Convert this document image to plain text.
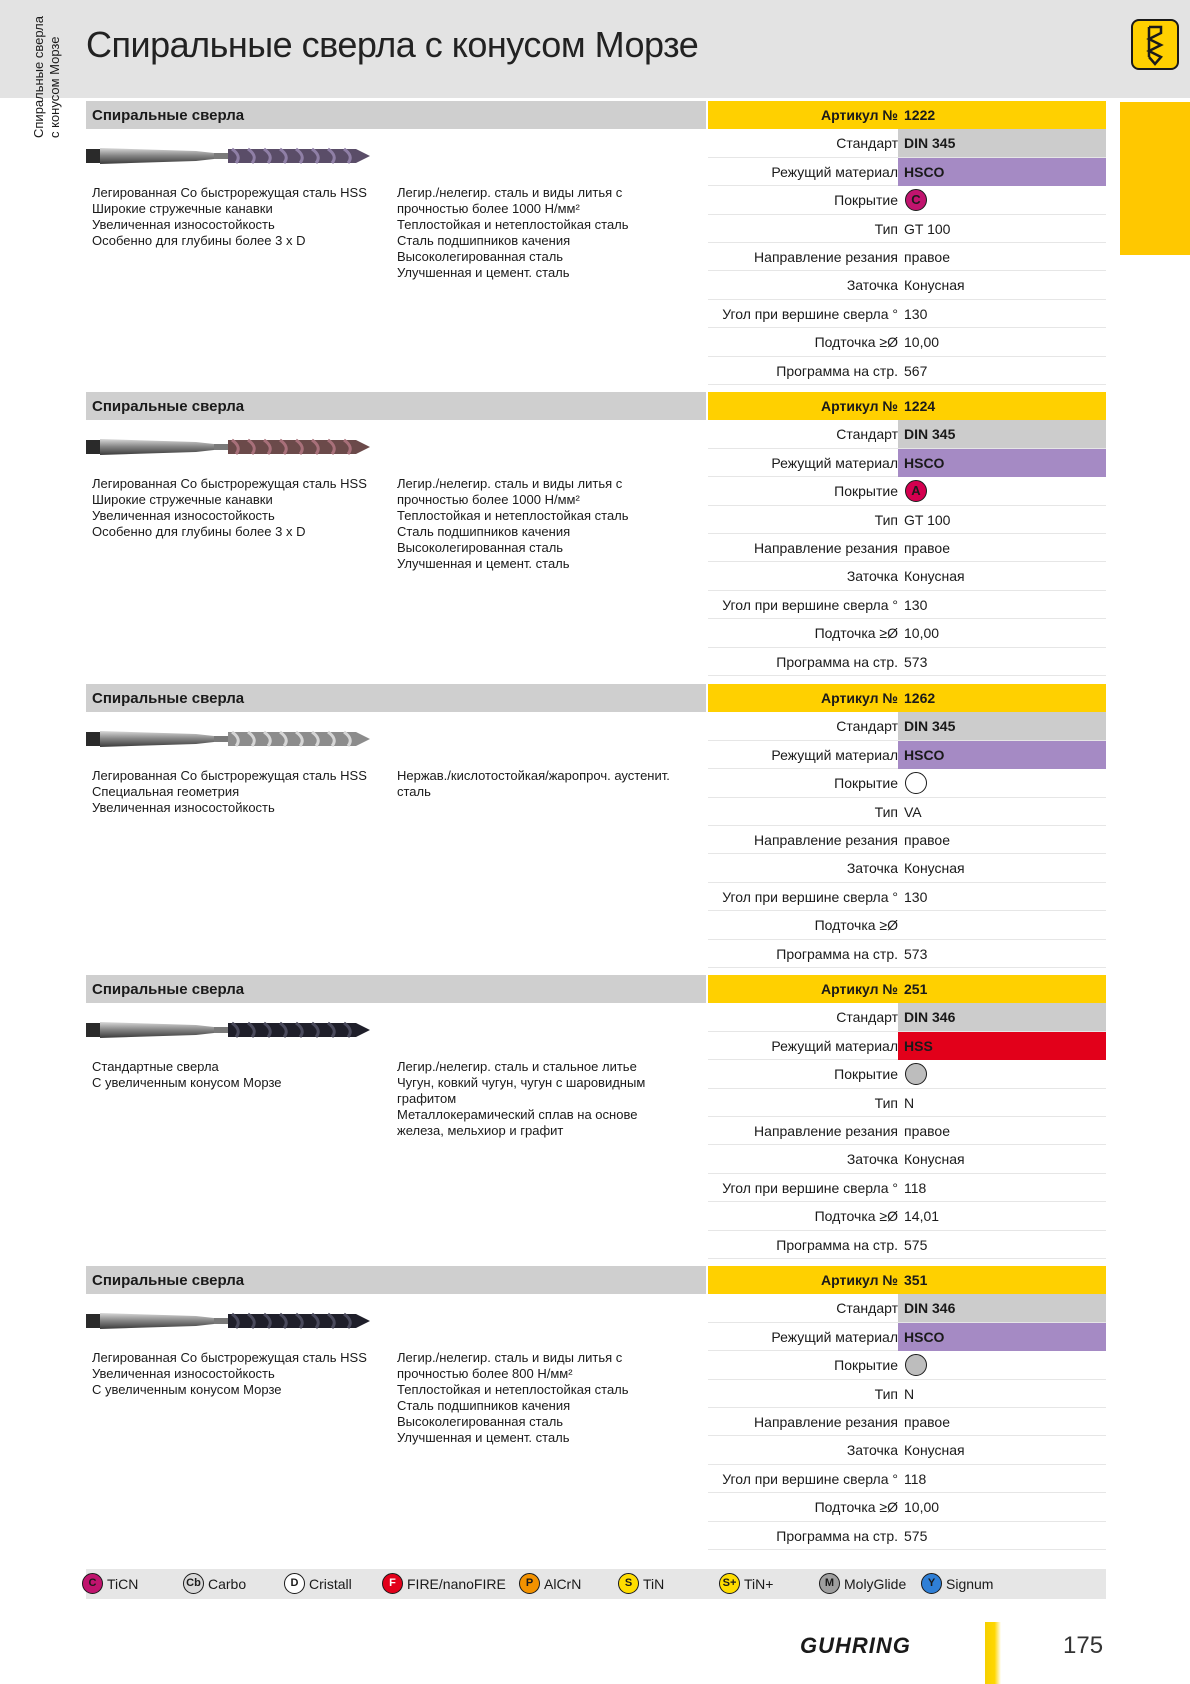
Спиральные сверла с конусом Морзе
Спиральные сверла с конусом Морзе Спиральные сверла
Легированная Со быстрорежущая сталь HSS
Широкие стружечные канавки
Увеличенная износостойкость
Особенно для глубины более 3 x D
Легир./нелегир. сталь и виды литья с
прочностью более 1000 Н/мм²
Теплостойкая и нетеплостойкая сталь
Сталь подшипников качения
Высоколегированная сталь
Улучшенная и цемент. сталь
Артикул № 1222
Стандарт DIN 345
Режущий материал HSCO
Покрытие	C
Тип GT 100
Направление резания правое
Заточка Конусная
Угол при вершине сверла ° 130
Подточка ≥Ø 10,00
Программа на стр. 567
Спиральные сверла
Легированная Со быстрорежущая сталь HSS
Широкие стружечные канавки
Увеличенная износостойкость
Особенно для глубины более 3 x D
Легир./нелегир. сталь и виды литья с
прочностью более 1000 Н/мм²
Теплостойкая и нетеплостойкая сталь
Сталь подшипников качения
Высоколегированная сталь
Улучшенная и цемент. сталь
Артикул № 1224
Стандарт DIN 345
Режущий материал HSCO
Покрытие	A
Тип GT 100
Направление резания правое
Заточка Конусная
Угол при вершине сверла ° 130
Подточка ≥Ø 10,00
Программа на стр. 573
Спиральные сверла
Легированная Со быстрорежущая сталь HSS
Специальная геометрия
Увеличенная износостойкость
Нержав./кислотостойкая/жаропроч. аустенит.
сталь
Артикул № 1262
Стандарт DIN 345
Режущий материал HSCO
Покрытие
Тип VA
Направление резания правое
Заточка Конусная
Угол при вершине сверла ° 130
Подточка ≥Ø
Программа на стр. 573
Спиральные сверла
Стандартные сверла
С увеличенным конусом Морзе
Легир./нелегир. сталь и стальное литье
Чугун, ковкий чугун, чугун с шаровидным
графитом
Металлокерамический сплав на основе
железа, мельхиор и графит
Артикул № 251
Стандарт DIN 346
Режущий материал HSS
Покрытие
Тип N
Направление резания правое
Заточка Конусная
Угол при вершине сверла ° 118
Подточка ≥Ø 14,01
Программа на стр. 575
Спиральные сверла
Легированная Со быстрорежущая сталь HSS
Увеличенная износостойкость
С увеличенным конусом Морзе
Легир./нелегир. сталь и виды литья с
прочностью более 800 Н/мм²
Теплостойкая и нетеплостойкая сталь
Сталь подшипников качения
Высоколегированная сталь
Улучшенная и цемент. сталь
Артикул № 351
Стандарт DIN 346
Режущий материал HSCO
Покрытие
Тип N
Направление резания правое
Заточка Конусная
Угол при вершине сверла ° 118
Подточка ≥Ø 10,00
Программа на стр. 575
C TiCN	Cb Carbo	D Cristall	F FIRE/nanoFIRE	P AlCrN	S TiN	S+ TiN+	M MolyGlide	Y Signum
GUHRING	175
